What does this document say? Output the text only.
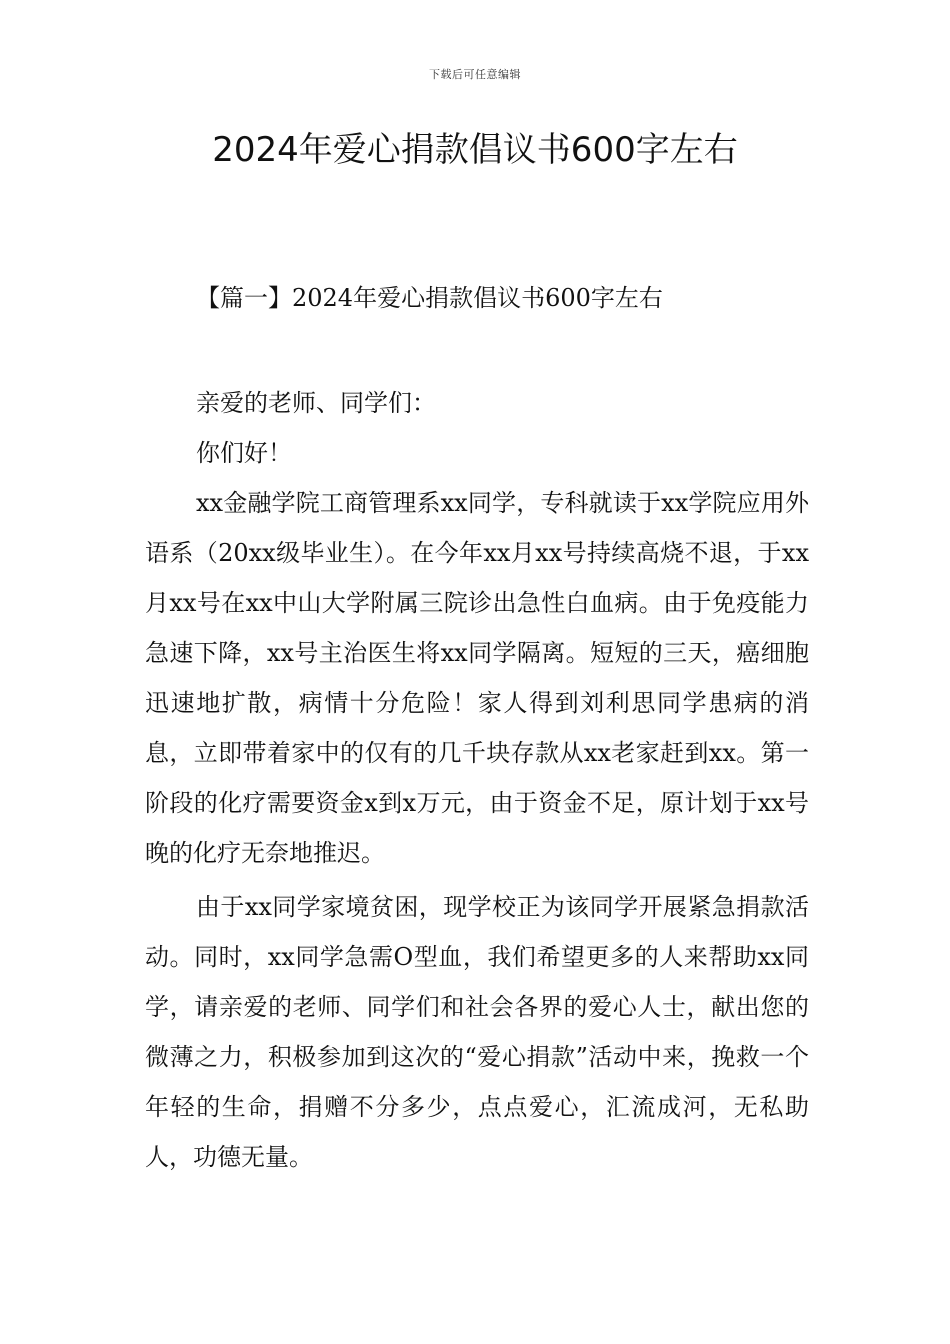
下载后可任意编辑
2024年爱心捐款倡议书600字左右
【篇一】2024年爱心捐款倡议书600字左右

亲爱的老师、同学们：

你们好！

xx金融学院工商管理系xx同学，专科就读于xx学院应用外语系（20xx级毕业生）。在今年xx月xx号持续高烧不退，于xx月xx号在xx中山大学附属三院诊出急性白血病。由于免疫能力急速下降，xx号主治医生将xx同学隔离。短短的三天，癌细胞迅速地扩散，病情十分危险！家人得到刘利思同学患病的消息，立即带着家中的仅有的几千块存款从xx老家赶到xx。第一阶段的化疗需要资金x到x万元，由于资金不足，原计划于xx号晚的化疗无奈地推迟。

由于xx同学家境贫困，现学校正为该同学开展紧急捐款活动。同时，xx同学急需O型血，我们希望更多的人来帮助xx同学，请亲爱的老师、同学们和社会各界的爱心人士，献出您的微薄之力，积极参加到这次的“爱心捐款”活动中来，挽救一个年轻的生命，捐赠不分多少，点点爱心，汇流成河，无私助人，功德无量。
